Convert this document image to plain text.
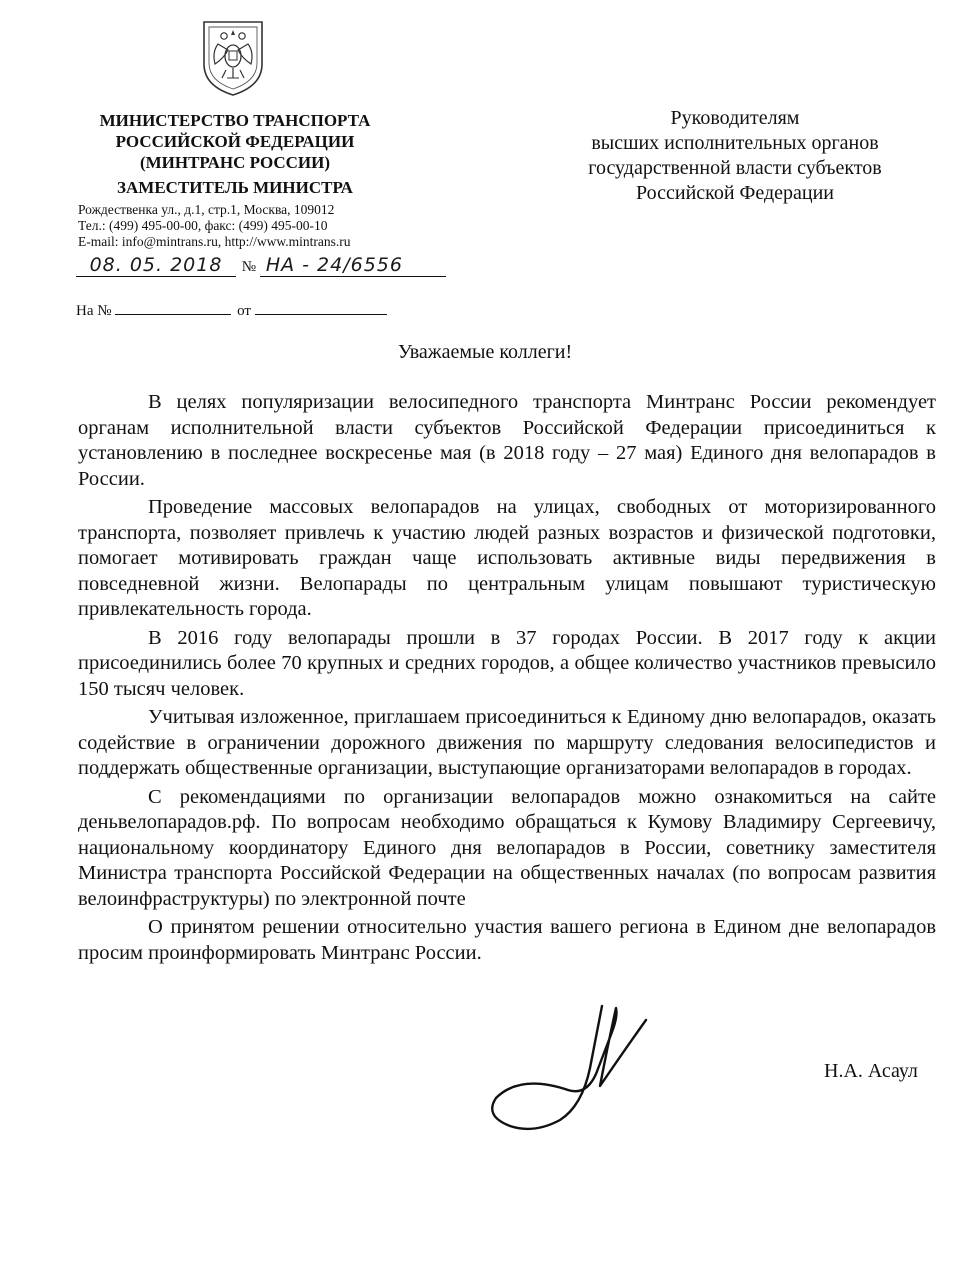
МИНИСТЕРСТВО ТРАНСПОРТА
РОССИЙСКОЙ ФЕДЕРАЦИИ
(МИНТРАНС РОССИИ)
ЗАМЕСТИТЕЛЬ МИНИСТРА
Рождественка ул., д.1, стр.1, Москва, 109012
Тел.: (499) 495-00-00, факс: (499) 495-00-10
E-mail: info@mintrans.ru, http://www.mintrans.ru
08. 05. 2018 № НА - 24/6556
На №	от
Руководителям
высших исполнительных органов
государственной власти субъектов
Российской Федерации
Уважаемые коллеги!

В целях популяризации велосипедного транспорта Минтранс России рекомендует органам исполнительной власти субъектов Российской Федерации присоединиться к установлению в последнее воскресенье мая (в 2018 году – 27 мая) Единого дня велопарадов в России.

Проведение массовых велопарадов на улицах, свободных от моторизированного транспорта, позволяет привлечь к участию людей разных возрастов и физической подготовки, помогает мотивировать граждан чаще использовать активные виды передвижения в повседневной жизни. Велопарады по центральным улицам повышают туристическую привлекательность города.

В 2016 году велопарады прошли в 37 городах России. В 2017 году к акции присоединились более 70 крупных и средних городов, а общее количество участников превысило 150 тысяч человек.

Учитывая изложенное, приглашаем присоединиться к Единому дню велопарадов, оказать содействие в ограничении дорожного движения по маршруту следования велосипедистов и поддержать общественные организации, выступающие организаторами велопарадов в городах.

С рекомендациями по организации велопарадов можно ознакомиться на сайте деньвелопарадов.рф. По вопросам необходимо обращаться к Кумову Владимиру Сергеевичу, национальному координатору Единого дня велопарадов в России, советнику заместителя Министра транспорта Российской Федерации на общественных началах (по вопросам развития велоинфраструктуры) по электронной почте

О принятом решении относительно участия вашего региона в Едином дне велопарадов просим проинформировать Минтранс России.

Н.А. Асаул
